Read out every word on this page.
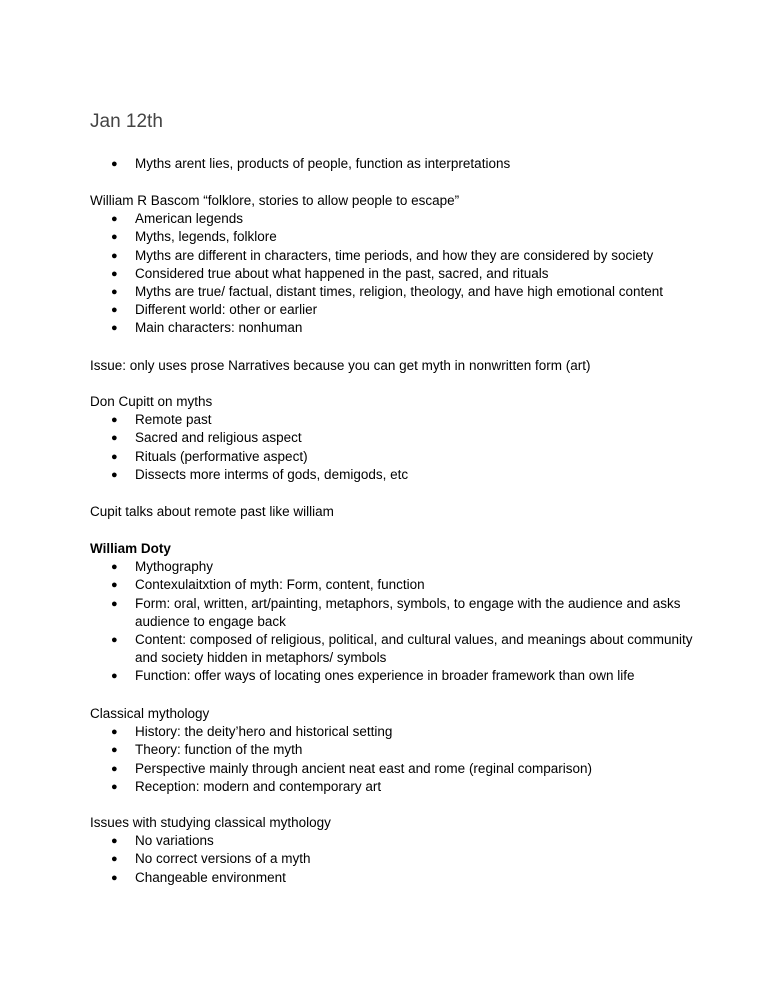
Jan 12th
● Myths arent lies, products of people, function as interpretations

William R Bascom “folklore, stories to allow people to escape”

● American legends
● Myths, legends, folklore
● Myths are different in characters, time periods, and how they are considered by society
● Considered true about what happened in the past, sacred, and rituals
● Myths are true/ factual, distant times, religion, theology, and have high emotional content
● Different world: other or earlier
● Main characters: nonhuman

Issue: only uses prose Narratives because you can get myth in nonwritten form (art)

Don Cupitt on myths

● Remote past
● Sacred and religious aspect
● Rituals (performative aspect)
● Dissects more interms of gods, demigods, etc

Cupit talks about remote past like william

William Doty

● Mythography
● Contexulaitxtion of myth: Form, content, function
● Form: oral, written, art/painting, metaphors, symbols, to engage with the audience and asks audience to engage back
● Content: composed of religious, political, and cultural values, and meanings about community and society hidden in metaphors/ symbols
● Function: offer ways of locating ones experience in broader framework than own life

Classical mythology

● History: the deity’hero and historical setting
● Theory: function of the myth
● Perspective mainly through ancient neat east and rome (reginal comparison)
● Reception: modern and contemporary art

Issues with studying classical mythology

● No variations
● No correct versions of a myth
● Changeable environment
